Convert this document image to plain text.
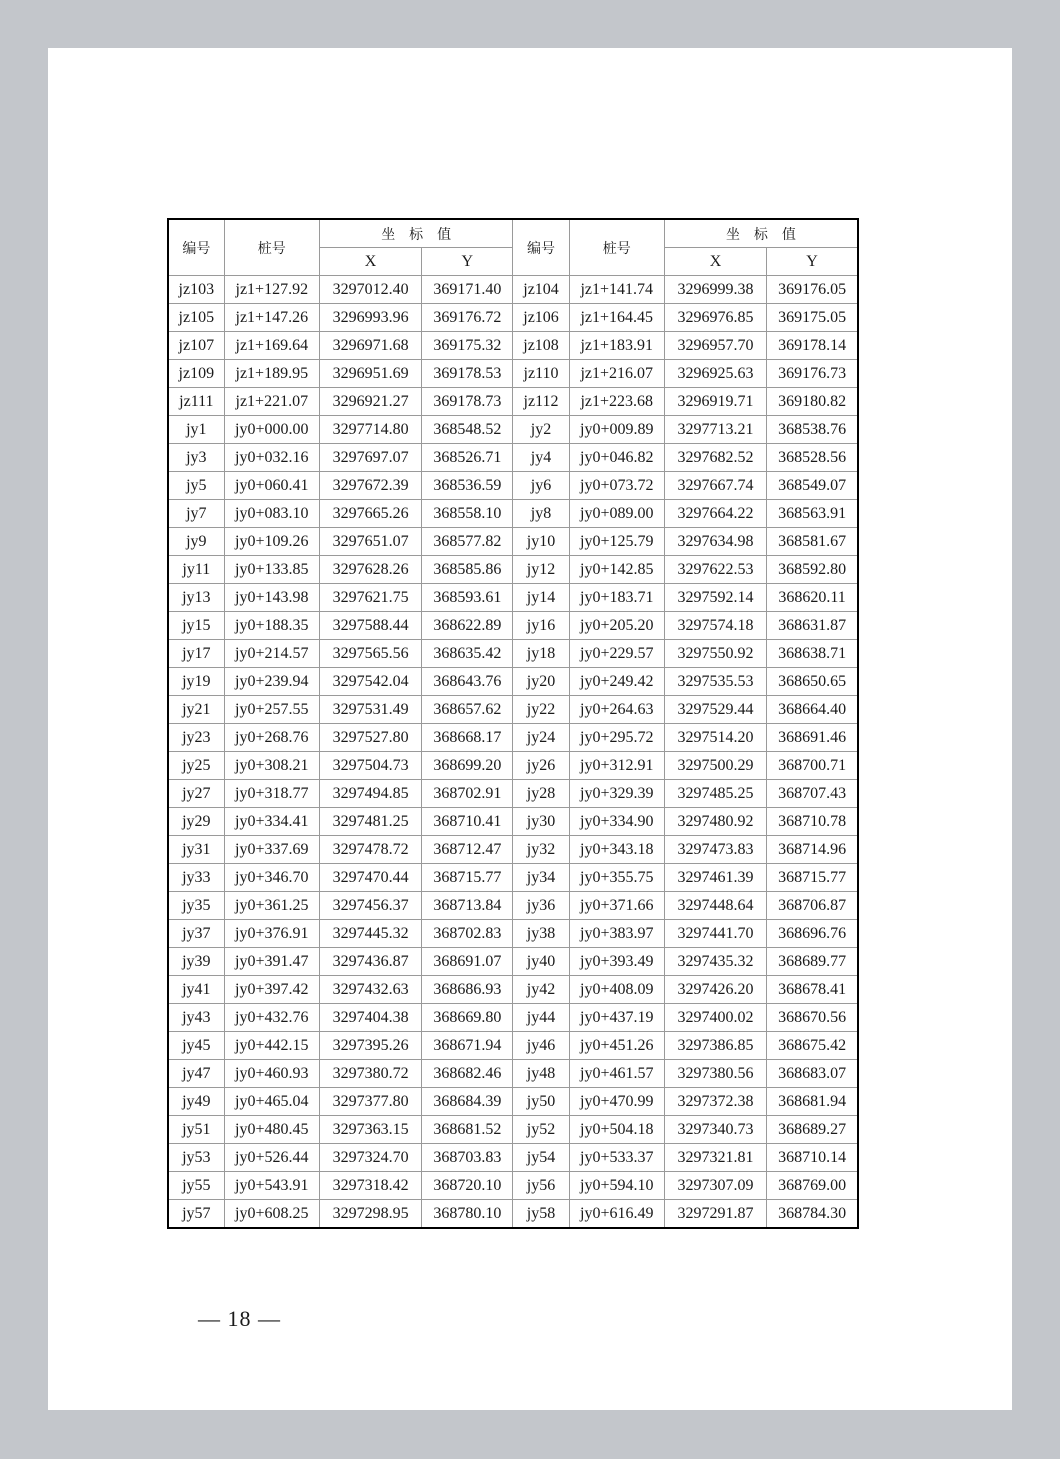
编号	桩号	坐　标　值		编号	桩号	坐　标　值	
		X	Y			X	Y
jz103	jz1+127.92	3297012.40	369171.40	jz104	jz1+141.74	3296999.38	369176.05
jz105	jz1+147.26	3296993.96	369176.72	jz106	jz1+164.45	3296976.85	369175.05
jz107	jz1+169.64	3296971.68	369175.32	jz108	jz1+183.91	3296957.70	369178.14
jz109	jz1+189.95	3296951.69	369178.53	jz110	jz1+216.07	3296925.63	369176.73
jz111	jz1+221.07	3296921.27	369178.73	jz112	jz1+223.68	3296919.71	369180.82
jy1	jy0+000.00	3297714.80	368548.52	jy2	jy0+009.89	3297713.21	368538.76
jy3	jy0+032.16	3297697.07	368526.71	jy4	jy0+046.82	3297682.52	368528.56
jy5	jy0+060.41	3297672.39	368536.59	jy6	jy0+073.72	3297667.74	368549.07
jy7	jy0+083.10	3297665.26	368558.10	jy8	jy0+089.00	3297664.22	368563.91
jy9	jy0+109.26	3297651.07	368577.82	jy10	jy0+125.79	3297634.98	368581.67
jy11	jy0+133.85	3297628.26	368585.86	jy12	jy0+142.85	3297622.53	368592.80
jy13	jy0+143.98	3297621.75	368593.61	jy14	jy0+183.71	3297592.14	368620.11
jy15	jy0+188.35	3297588.44	368622.89	jy16	jy0+205.20	3297574.18	368631.87
jy17	jy0+214.57	3297565.56	368635.42	jy18	jy0+229.57	3297550.92	368638.71
jy19	jy0+239.94	3297542.04	368643.76	jy20	jy0+249.42	3297535.53	368650.65
jy21	jy0+257.55	3297531.49	368657.62	jy22	jy0+264.63	3297529.44	368664.40
jy23	jy0+268.76	3297527.80	368668.17	jy24	jy0+295.72	3297514.20	368691.46
jy25	jy0+308.21	3297504.73	368699.20	jy26	jy0+312.91	3297500.29	368700.71
jy27	jy0+318.77	3297494.85	368702.91	jy28	jy0+329.39	3297485.25	368707.43
jy29	jy0+334.41	3297481.25	368710.41	jy30	jy0+334.90	3297480.92	368710.78
jy31	jy0+337.69	3297478.72	368712.47	jy32	jy0+343.18	3297473.83	368714.96
jy33	jy0+346.70	3297470.44	368715.77	jy34	jy0+355.75	3297461.39	368715.77
jy35	jy0+361.25	3297456.37	368713.84	jy36	jy0+371.66	3297448.64	368706.87
jy37	jy0+376.91	3297445.32	368702.83	jy38	jy0+383.97	3297441.70	368696.76
jy39	jy0+391.47	3297436.87	368691.07	jy40	jy0+393.49	3297435.32	368689.77
jy41	jy0+397.42	3297432.63	368686.93	jy42	jy0+408.09	3297426.20	368678.41
jy43	jy0+432.76	3297404.38	368669.80	jy44	jy0+437.19	3297400.02	368670.56
jy45	jy0+442.15	3297395.26	368671.94	jy46	jy0+451.26	3297386.85	368675.42
jy47	jy0+460.93	3297380.72	368682.46	jy48	jy0+461.57	3297380.56	368683.07
jy49	jy0+465.04	3297377.80	368684.39	jy50	jy0+470.99	3297372.38	368681.94
jy51	jy0+480.45	3297363.15	368681.52	jy52	jy0+504.18	3297340.73	368689.27
jy53	jy0+526.44	3297324.70	368703.83	jy54	jy0+533.37	3297321.81	368710.14
jy55	jy0+543.91	3297318.42	368720.10	jy56	jy0+594.10	3297307.09	368769.00
jy57	jy0+608.25	3297298.95	368780.10	jy58	jy0+616.49	3297291.87	368784.30
— 18 —
